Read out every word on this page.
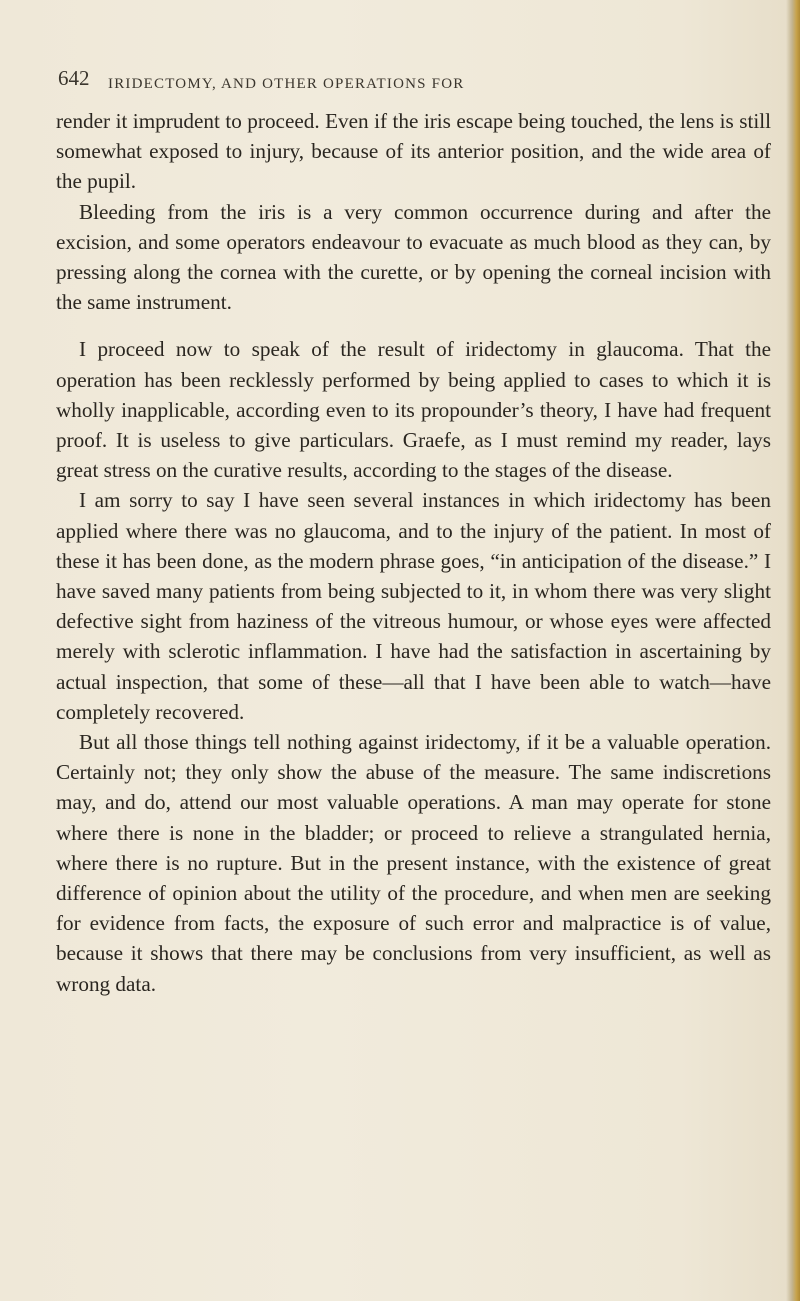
642 IRIDECTOMY, AND OTHER OPERATIONS FOR

render it imprudent to proceed. Even if the iris escape being touched, the lens is still somewhat exposed to injury, because of its anterior position, and the wide area of the pupil.

Bleeding from the iris is a very common occurrence during and after the excision, and some operators endeavour to evacuate as much blood as they can, by pressing along the cornea with the curette, or by opening the corneal incision with the same instrument.

I proceed now to speak of the result of iridectomy in glaucoma. That the operation has been recklessly performed by being applied to cases to which it is wholly inapplicable, according even to its propounder’s theory, I have had frequent proof. It is useless to give particulars. Graefe, as I must remind my reader, lays great stress on the curative results, according to the stages of the disease.

I am sorry to say I have seen several instances in which iridectomy has been applied where there was no glaucoma, and to the injury of the patient. In most of these it has been done, as the modern phrase goes, “in anticipation of the disease.” I have saved many patients from being subjected to it, in whom there was very slight defective sight from haziness of the vitreous humour, or whose eyes were affected merely with sclerotic inflammation. I have had the satisfaction in ascertaining by actual inspection, that some of these—all that I have been able to watch—have completely recovered.

But all those things tell nothing against iridectomy, if it be a valuable operation. Certainly not; they only show the abuse of the measure. The same indiscretions may, and do, attend our most valuable operations. A man may operate for stone where there is none in the bladder; or proceed to relieve a strangulated hernia, where there is no rupture. But in the present instance, with the existence of great difference of opinion about the utility of the procedure, and when men are seeking for evidence from facts, the exposure of such error and malpractice is of value, because it shows that there may be conclusions from very insufficient, as well as wrong data.
